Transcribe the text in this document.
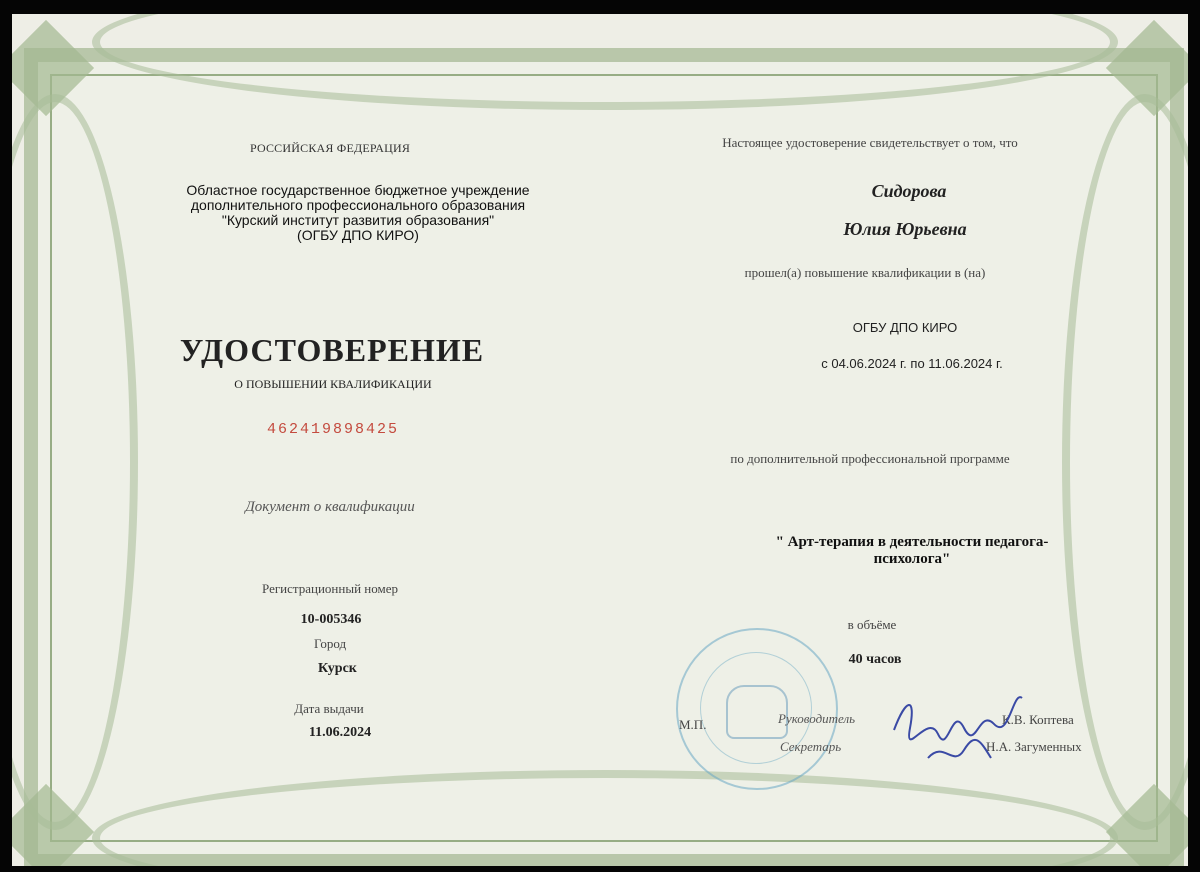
РОССИЙСКАЯ ФЕДЕРАЦИЯ
Областное государственное бюджетное учреждение
дополнительного профессионального образования
"Курский институт развития образования"
(ОГБУ ДПО КИРО)
УДОСТОВЕРЕНИЕ
О ПОВЫШЕНИИ КВАЛИФИКАЦИИ
462419898425
Документ о квалификации
Регистрационный номер
10-005346
Город
Курск
Дата выдачи
11.06.2024
Настоящее удостоверение свидетельствует о том, что
Сидорова
Юлия Юрьевна
прошел(а) повышение квалификации в (на)
ОГБУ ДПО КИРО
с 04.06.2024 г. по 11.06.2024 г.
по дополнительной профессиональной программе
" Арт-терапия в деятельности педагога-психолога"
в объёме
40 часов
М.П.	Руководитель
Секретарь
К.В. Коптева
Н.А. Загуменных
